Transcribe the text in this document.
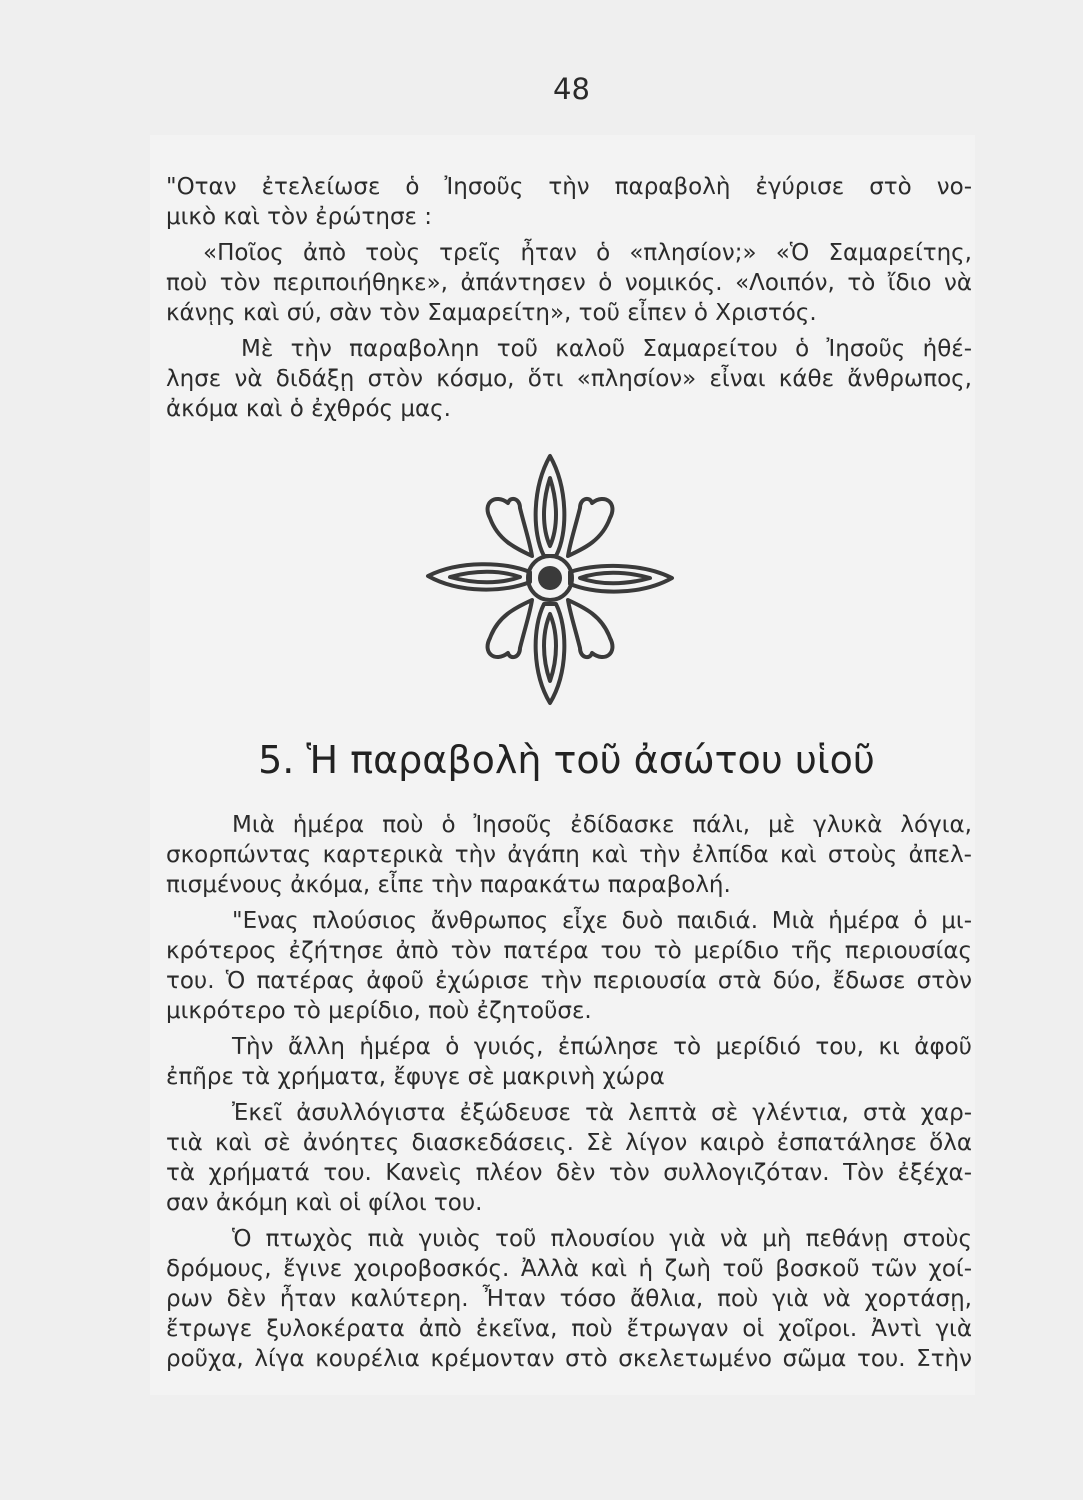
48
"Οταν ἐτελείωσε ὁ Ἰησοῦς τὴν παραβολὴ ἐγύρισε στὸ νο-
μικὸ καὶ τὸν ἐρώτησε :
«Ποῖος ἀπὸ τοὺς τρεῖς ἦταν ὁ «πλησίον;» «Ὁ Σαμαρείτης,
ποὺ τὸν περιποιήθηκε», ἀπάντησεν ὁ νομικός. «Λοιπόν, τὸ ἴδιο νὰ
κάνῃς καὶ σύ, σὰν τὸν Σαμαρείτη», τοῦ εἶπεν ὁ Χριστός.
Μὲ τὴν παραβοληn τοῦ καλοῦ Σαμαρείτου ὁ Ἰησοῦς ἠθέ-
λησε νὰ διδάξῃ στὸν κόσμο, ὅτι «πλησίον» εἶναι κάθε ἄνθρωπος,
ἀκόμα καὶ ὁ ἐχθρός μας.
5. Ἡ παραβολὴ τοῦ ἀσώτου υἱοῦ
Μιὰ ἡμέρα ποὺ ὁ Ἰησοῦς ἐδίδασκε πάλι, μὲ γλυκὰ λόγια,
σκορπώντας καρτερικὰ τὴν ἀγάπη καὶ τὴν ἐλπίδα καὶ στοὺς ἀπελ-
πισμένους ἀκόμα, εἶπε τὴν παρακάτω παραβολή.
"Ενας πλούσιος ἄνθρωπος εἶχε δυὸ παιδιά. Μιὰ ἡμέρα ὁ μι-
κρότερος ἐζήτησε ἀπὸ τὸν πατέρα του τὸ μερίδιο τῆς περιουσίας
του. Ὁ πατέρας ἀφοῦ ἐχώρισε τὴν περιουσία στὰ δύο, ἔδωσε στὸν
μικρότερο τὸ μερίδιο, ποὺ ἐζητοῦσε.
Τὴν ἄλλη ἡμέρα ὁ γυιός, ἐπώλησε τὸ μερίδιό του, κι ἀφοῦ
ἐπῆρε τὰ χρήματα, ἔφυγε σὲ μακρινὴ χώρα
Ἐκεῖ ἀσυλλόγιστα ἐξώδευσε τὰ λεπτὰ σὲ γλέντια, στὰ χαρ-
τιὰ καὶ σὲ ἀνόητες διασκεδάσεις. Σὲ λίγον καιρὸ ἐσπατάλησε ὅλα
τὰ χρήματά του. Κανεὶς πλέον δὲν τὸν συλλογιζόταν. Τὸν ἐξέχα-
σαν ἀκόμη καὶ οἱ φίλοι του.
Ὁ πτωχὸς πιὰ γυιὸς τοῦ πλουσίου γιὰ νὰ μὴ πεθάνῃ στοὺς
δρόμους, ἔγινε χοιροβοσκός. Ἀλλὰ καὶ ἡ ζωὴ τοῦ βοσκοῦ τῶν χοί-
ρων δὲν ἦταν καλύτερη. Ἦταν τόσο ἄθλια, ποὺ γιὰ νὰ χορτάσῃ,
ἔτρωγε ξυλοκέρατα ἀπὸ ἐκεῖνα, ποὺ ἔτρωγαν οἱ χοῖροι. Ἀντὶ γιὰ
ροῦχα, λίγα κουρέλια κρέμονταν στὸ σκελετωμένο σῶμα του. Στὴν
